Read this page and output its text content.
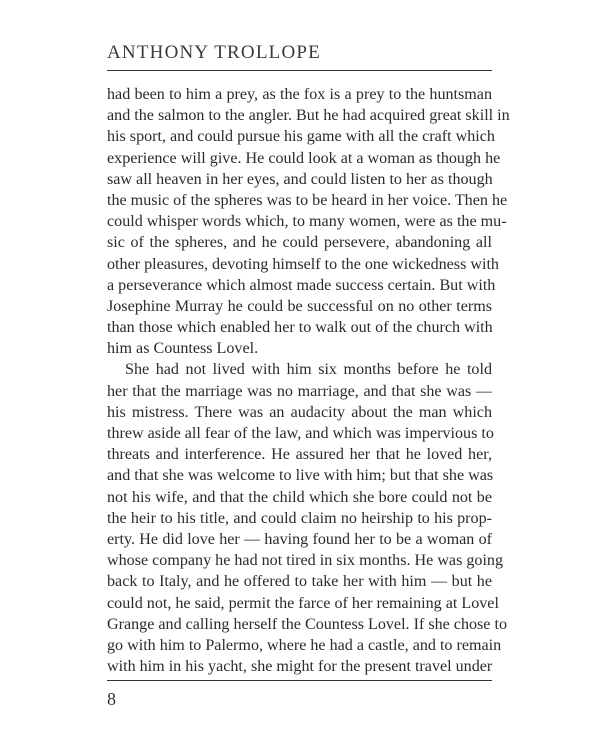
ANTHONY TROLLOPE
had been to him a prey, as the fox is a prey to the huntsman
and the salmon to the angler. But he had acquired great skill in
his sport, and could pursue his game with all the craft which
experience will give. He could look at a woman as though he
saw all heaven in her eyes, and could listen to her as though
the music of the spheres was to be heard in her voice. Then he
could whisper words which, to many women, were as the mu-
sic of the spheres, and he could persevere, abandoning all
other pleasures, devoting himself to the one wickedness with
a perseverance which almost made success certain. But with
Josephine Murray he could be successful on no other terms
than those which enabled her to walk out of the church with
him as Countess Lovel.
She had not lived with him six months before he told
her that the marriage was no marriage, and that she was —
his mistress. There was an audacity about the man which
threw aside all fear of the law, and which was impervious to
threats and interference. He assured her that he loved her,
and that she was welcome to live with him; but that she was
not his wife, and that the child which she bore could not be
the heir to his title, and could claim no heirship to his prop-
erty. He did love her — having found her to be a woman of
whose company he had not tired in six months. He was going
back to Italy, and he offered to take her with him — but he
could not, he said, permit the farce of her remaining at Lovel
Grange and calling herself the Countess Lovel. If she chose to
go with him to Palermo, where he had a castle, and to remain
with him in his yacht, she might for the present travel under
8
